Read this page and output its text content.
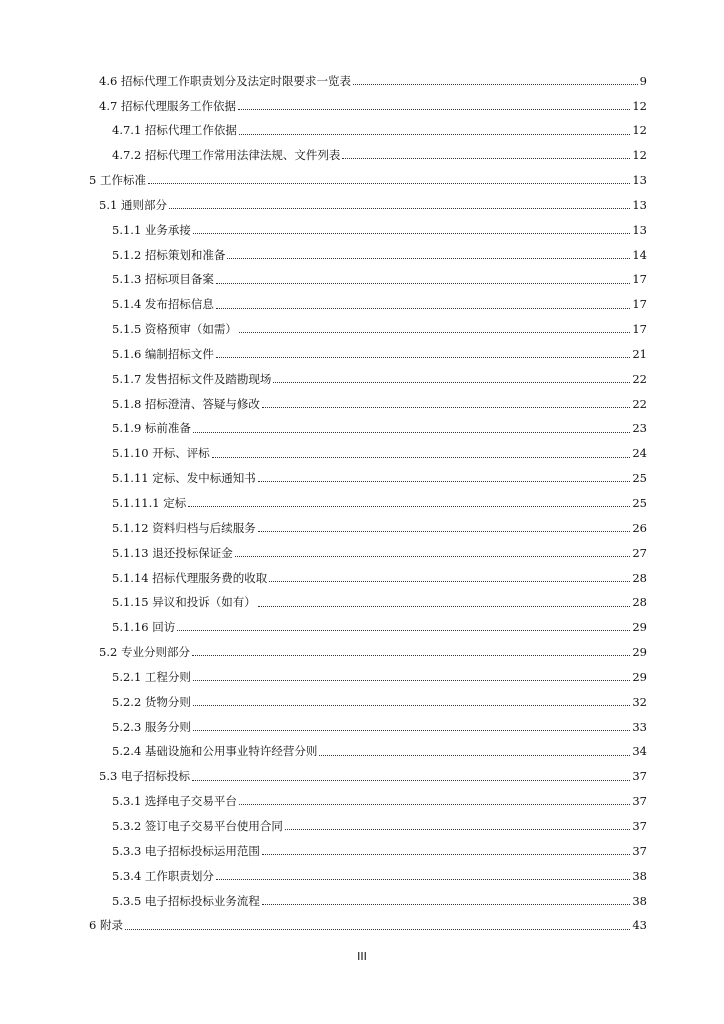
4.6 招标代理工作职责划分及法定时限要求一览表	9
4.7 招标代理服务工作依据	12
4.7.1 招标代理工作依据	12
4.7.2 招标代理工作常用法律法规、文件列表	12
5 工作标准	13
5.1 通则部分	13
5.1.1 业务承接	13
5.1.2 招标策划和准备	14
5.1.3 招标项目备案	17
5.1.4 发布招标信息	17
5.1.5 资格预审（如需）	17
5.1.6 编制招标文件	21
5.1.7 发售招标文件及踏勘现场	22
5.1.8 招标澄清、答疑与修改	22
5.1.9 标前准备	23
5.1.10 开标、评标	24
5.1.11 定标、发中标通知书	25
5.1.11.1 定标	25
5.1.12 资料归档与后续服务	26
5.1.13 退还投标保证金	27
5.1.14 招标代理服务费的收取	28
5.1.15 异议和投诉（如有）	28
5.1.16 回访	29
5.2 专业分则部分	29
5.2.1 工程分则	29
5.2.2 货物分则	32
5.2.3 服务分则	33
5.2.4 基础设施和公用事业特许经营分则	34
5.3 电子招标投标	37
5.3.1 选择电子交易平台	37
5.3.2 签订电子交易平台使用合同	37
5.3.3 电子招标投标运用范围	37
5.3.4 工作职责划分	38
5.3.5 电子招标投标业务流程	38
6 附录	43
III
